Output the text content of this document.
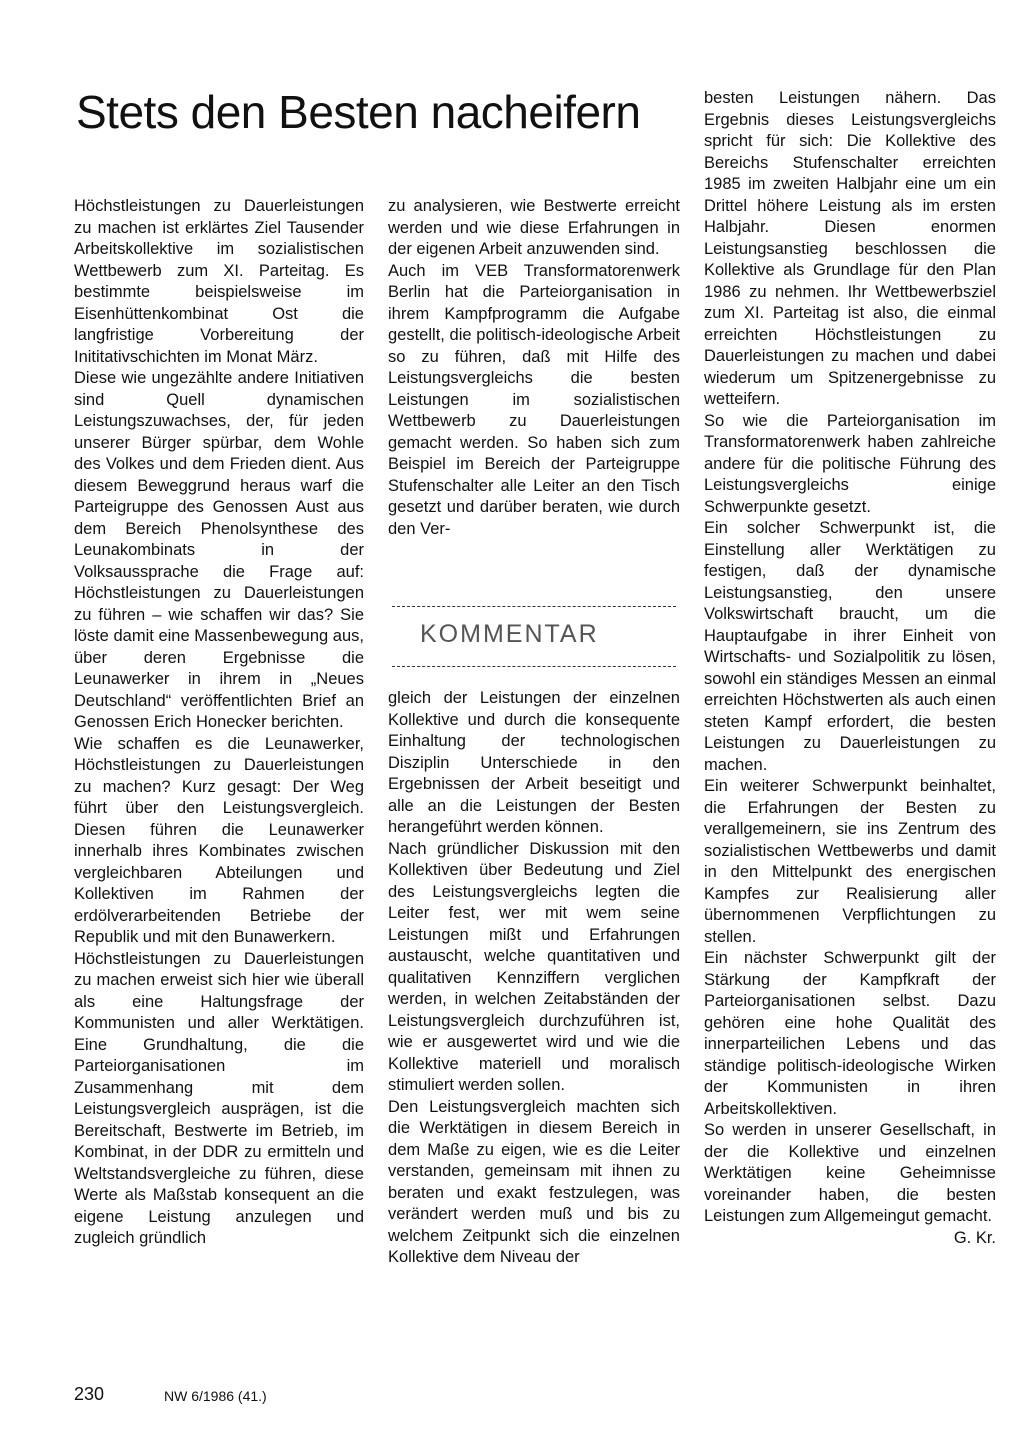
Stets den Besten nacheifern

Höchstleistungen zu Dauerleistungen zu machen ist erklärtes Ziel Tausender Arbeitskollektive im sozialistischen Wettbewerb zum XI. Parteitag. Es bestimmte beispielsweise im Eisenhüttenkombinat Ost die langfristige Vorbereitung der Inititativschichten im Monat März.

Diese wie ungezählte andere Initiativen sind Quell dynamischen Leistungszuwachses, der, für jeden unserer Bürger spürbar, dem Wohle des Volkes und dem Frieden dient. Aus diesem Beweggrund heraus warf die Parteigruppe des Genossen Aust aus dem Bereich Phenolsynthese des Leunakombinats in der Volksaussprache die Frage auf: Höchstleistungen zu Dauerleistungen zu führen – wie schaffen wir das? Sie löste damit eine Massenbewegung aus, über deren Ergebnisse die Leunawerker in ihrem in „Neues Deutschland“ veröffentlichten Brief an Genossen Erich Honecker berichten.

Wie schaffen es die Leunawerker, Höchstleistungen zu Dauerleistungen zu machen? Kurz gesagt: Der Weg führt über den Leistungsvergleich. Diesen führen die Leunawerker innerhalb ihres Kombinates zwischen vergleichbaren Abteilungen und Kollektiven im Rahmen der erdölverarbeitenden Betriebe der Republik und mit den Bunawerkern.

Höchstleistungen zu Dauerleistungen zu machen erweist sich hier wie überall als eine Haltungsfrage der Kommunisten und aller Werktätigen. Eine Grundhaltung, die die Parteiorganisationen im Zusammenhang mit dem Leistungsvergleich ausprägen, ist die Bereitschaft, Bestwerte im Betrieb, im Kombinat, in der DDR zu ermitteln und Weltstandsvergleiche zu führen, diese Werte als Maßstab konsequent an die eigene Leistung anzulegen und zugleich gründlich

zu analysieren, wie Bestwerte erreicht werden und wie diese Erfahrungen in der eigenen Arbeit anzuwenden sind.

Auch im VEB Transformatorenwerk Berlin hat die Parteiorganisation in ihrem Kampfprogramm die Aufgabe gestellt, die politisch-ideologische Arbeit so zu führen, daß mit Hilfe des Leistungsvergleichs die besten Leistungen im sozialistischen Wettbewerb zu Dauerleistungen gemacht werden. So haben sich zum Beispiel im Bereich der Parteigruppe Stufenschalter alle Leiter an den Tisch gesetzt und darüber beraten, wie durch den Ver-

KOMMENTAR

gleich der Leistungen der einzelnen Kollektive und durch die konsequente Einhaltung der technologischen Disziplin Unterschiede in den Ergebnissen der Arbeit beseitigt und alle an die Leistungen der Besten herangeführt werden können.

Nach gründlicher Diskussion mit den Kollektiven über Bedeutung und Ziel des Leistungsvergleichs legten die Leiter fest, wer mit wem seine Leistungen mißt und Erfahrungen austauscht, welche quantitativen und qualitativen Kennziffern verglichen werden, in welchen Zeitabständen der Leistungsvergleich durchzuführen ist, wie er ausgewertet wird und wie die Kollektive materiell und moralisch stimuliert werden sollen.

Den Leistungsvergleich machten sich die Werktätigen in diesem Bereich in dem Maße zu eigen, wie es die Leiter verstanden, gemeinsam mit ihnen zu beraten und exakt festzulegen, was verändert werden muß und bis zu welchem Zeitpunkt sich die einzelnen Kollektive dem Niveau der

besten Leistungen nähern. Das Ergebnis dieses Leistungsvergleichs spricht für sich: Die Kollektive des Bereichs Stufenschalter erreichten 1985 im zweiten Halbjahr eine um ein Drittel höhere Leistung als im ersten Halbjahr. Diesen enormen Leistungsanstieg beschlossen die Kollektive als Grundlage für den Plan 1986 zu nehmen. Ihr Wettbewerbsziel zum XI. Parteitag ist also, die einmal erreichten Höchstleistungen zu Dauerleistungen zu machen und dabei wiederum um Spitzenergebnisse zu wetteifern.

So wie die Parteiorganisation im Transformatorenwerk haben zahlreiche andere für die politische Führung des Leistungsvergleichs einige Schwerpunkte gesetzt.

Ein solcher Schwerpunkt ist, die Einstellung aller Werktätigen zu festigen, daß der dynamische Leistungsanstieg, den unsere Volkswirtschaft braucht, um die Hauptaufgabe in ihrer Einheit von Wirtschafts- und Sozialpolitik zu lösen, sowohl ein ständiges Messen an einmal erreichten Höchstwerten als auch einen steten Kampf erfordert, die besten Leistungen zu Dauerleistungen zu machen.

Ein weiterer Schwerpunkt beinhaltet, die Erfahrungen der Besten zu verallgemeinern, sie ins Zentrum des sozialistischen Wettbewerbs und damit in den Mittelpunkt des energischen Kampfes zur Realisierung aller übernommenen Verpflichtungen zu stellen.

Ein nächster Schwerpunkt gilt der Stärkung der Kampfkraft der Parteiorganisationen selbst. Dazu gehören eine hohe Qualität des innerparteilichen Lebens und das ständige politisch-ideologische Wirken der Kommunisten in ihren Arbeitskollektiven.

So werden in unserer Gesellschaft, in der die Kollektive und einzelnen Werktätigen keine Geheimnisse voreinander haben, die besten Leistungen zum Allgemeingut gemacht.

G. Kr.

230	NW 6/1986 (41.)
